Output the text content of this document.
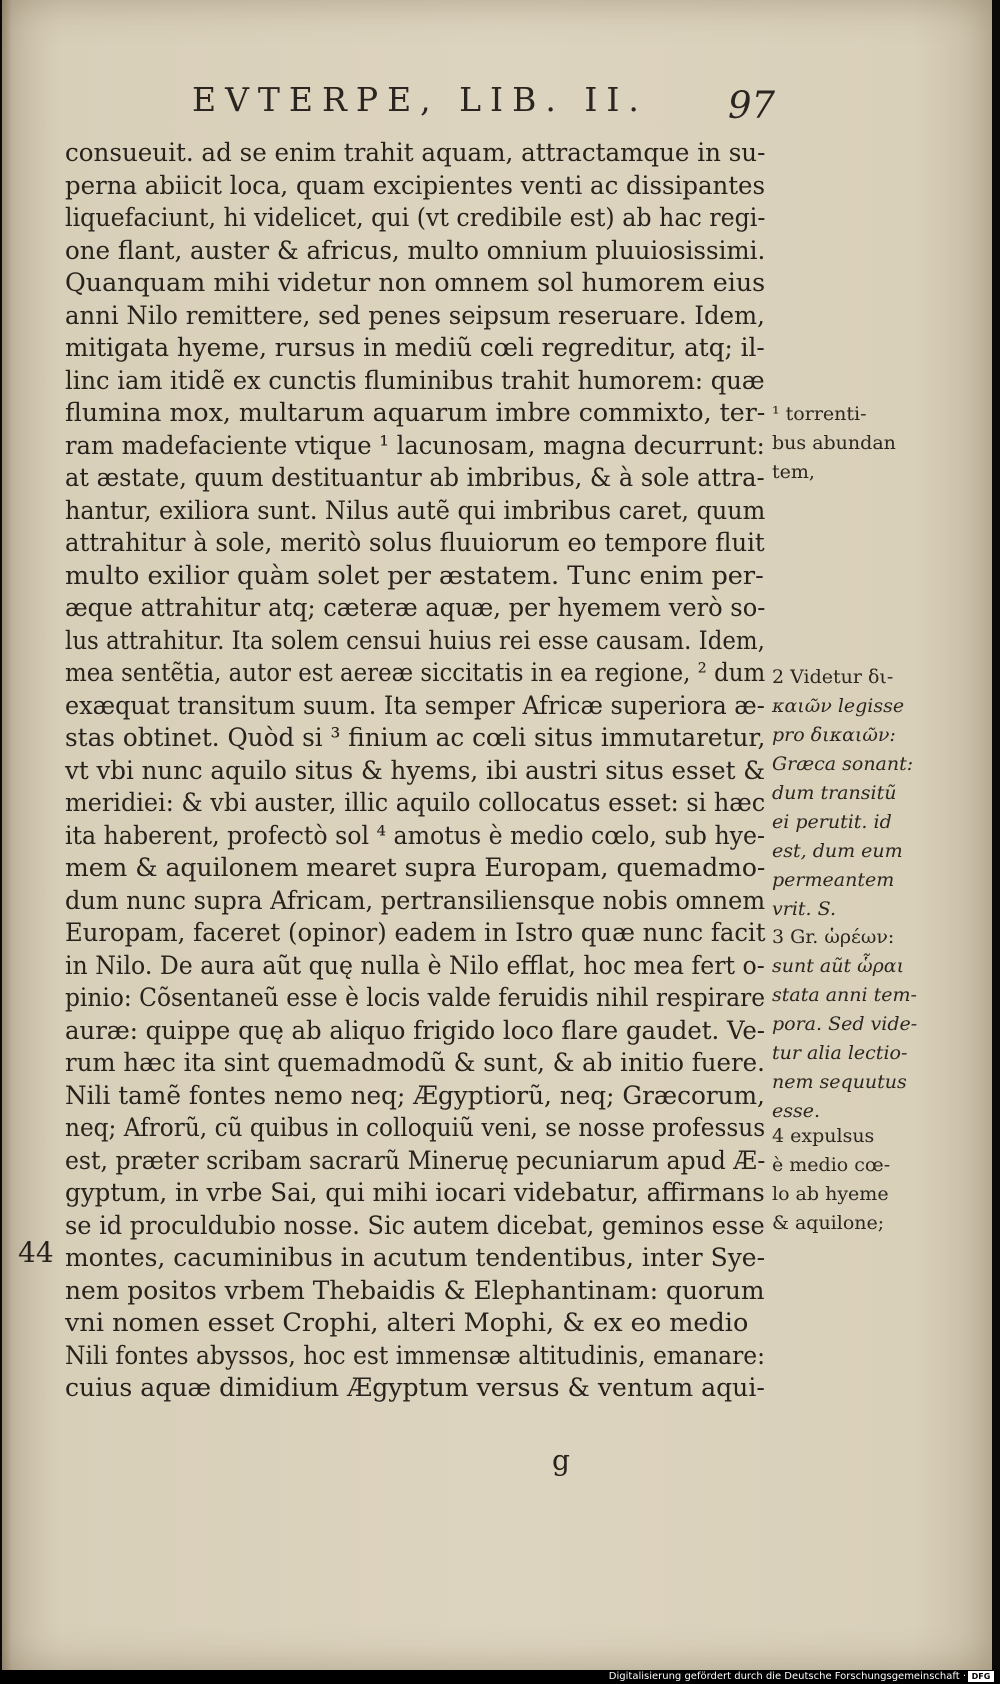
EVTERPE, LIB. II.	97
consueuit. ad se enim trahit aquam, attractamque in su-
perna abiicit loca, quam excipientes venti ac dissipantes
liquefaciunt, hi videlicet, qui (vt credibile est) ab hac regi-
one flant, auster & africus, multo omnium pluuiosissimi.
Quanquam mihi videtur non omnem sol humorem eius
anni Nilo remittere, sed penes seipsum reseruare. Idem,
mitigata hyeme, rursus in mediũ cœli regreditur, atq; il-
linc iam itidẽ ex cunctis fluminibus trahit humorem: quæ
flumina mox, multarum aquarum imbre commixto, ter-
ram madefaciente vtique ¹ lacunosam, magna decurrunt:
at æstate, quum destituantur ab imbribus, & à sole attra-
hantur, exiliora sunt. Nilus autẽ qui imbribus caret, quum
attrahitur à sole, meritò solus fluuiorum eo tempore fluit
multo exilior quàm solet per æstatem. Tunc enim per-
æque attrahitur atq; cæteræ aquæ, per hyemem verò so-
lus attrahitur. Ita solem censui huius rei esse causam. Idem,
mea sentẽtia, autor est aereæ siccitatis in ea regione, ² dum
exæquat transitum suum. Ita semper Africæ superiora æ-
stas obtinet. Quòd si ³ finium ac cœli situs immutaretur,
vt vbi nunc aquilo situs & hyems, ibi austri situs esset &
meridiei: & vbi auster, illic aquilo collocatus esset: si hæc
ita haberent, profectò sol ⁴ amotus è medio cœlo, sub hye-
mem & aquilonem mearet supra Europam, quemadmo-
dum nunc supra Africam, pertransiliensque nobis omnem
Europam, faceret (opinor) eadem in Istro quæ nunc facit
in Nilo. De aura aũt quę nulla è Nilo efflat, hoc mea fert o-
pinio: Cõsentaneũ esse è locis valde feruidis nihil respirare
auræ: quippe quę ab aliquo frigido loco flare gaudet. Ve-
rum hæc ita sint quemadmodũ & sunt, & ab initio fuere.
Nili tamẽ fontes nemo neq; Ægyptiorũ, neq; Græcorum,
neq; Afrorũ, cũ quibus in colloquiũ veni, se nosse professus
est, præter scribam sacrarũ Mineruę pecuniarum apud Æ-
gyptum, in vrbe Sai, qui mihi iocari videbatur, affirmans
se id proculdubio nosse. Sic autem dicebat, geminos esse
montes, cacuminibus in acutum tendentibus, inter Sye-
nem positos vrbem Thebaidis & Elephantinam: quorum
vni nomen esset Crophi, alteri Mophi, & ex eo medio
Nili fontes abyssos, hoc est immensæ altitudinis, emanare:
cuius aquæ dimidium Ægyptum versus & ventum aqui-
¹ torrenti-
bus abundan
tem,
2 Videtur δι-
καιῶν legisse
pro δικαιῶν:
Græca sonant:
dum transitũ
ei perutit. id
est, dum eum
permeantem
vrit. S.
3 Gr. ὡρέων:
sunt aũt ὧραι
stata anni tem-
pora. Sed vide-
tur alia lectio-
nem sequutus
esse.
4 expulsus
è medio cœ-
lo ab hyeme
& aquilone;
44
g
Digitalisierung gefördert durch die Deutsche Forschungsgemeinschaft · DFG
